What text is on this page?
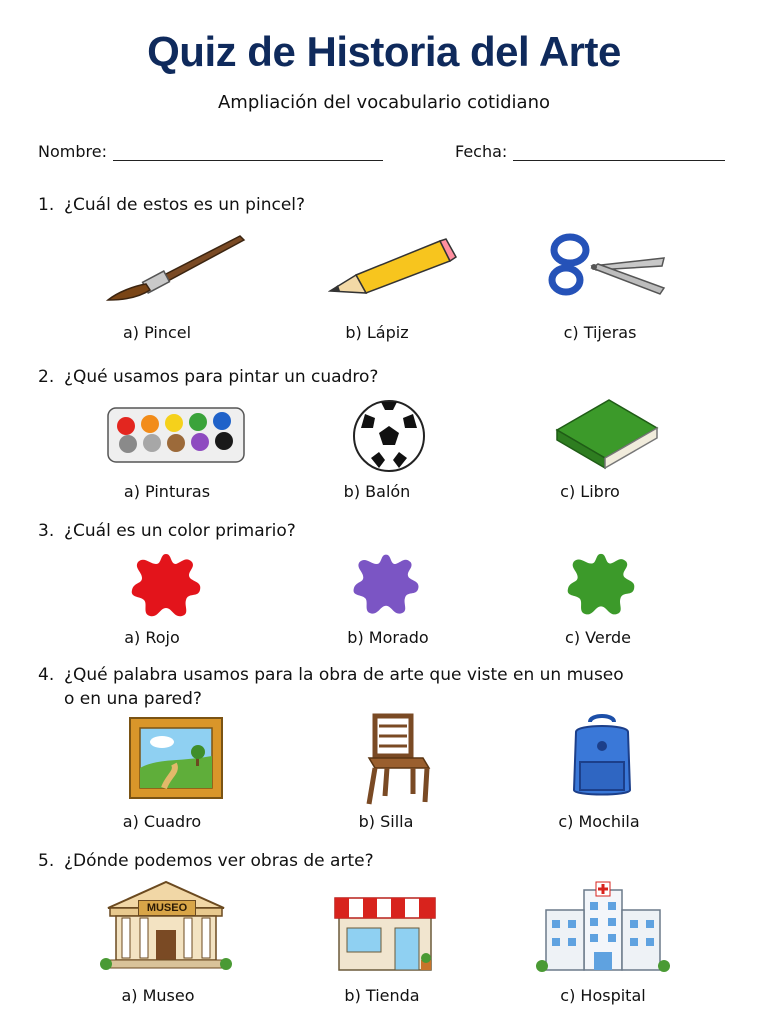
Quiz de Historia del Arte
Ampliación del vocabulario cotidiano
Nombre:	Fecha:
1. ¿Cuál de estos es un pincel?
a) Pincel	b) Lápiz	c) Tijeras
2. ¿Qué usamos para pintar un cuadro?
a) Pinturas	b) Balón	c) Libro
3. ¿Cuál es un color primario?
a) Rojo	b) Morado	c) Verde
4. ¿Qué palabra usamos para la obra de arte que viste en un museo
o en una pared?
a) Cuadro	b) Silla	c) Mochila
5. ¿Dónde podemos ver obras de arte?
MUSEO
a) Museo	b) Tienda	c) Hospital
